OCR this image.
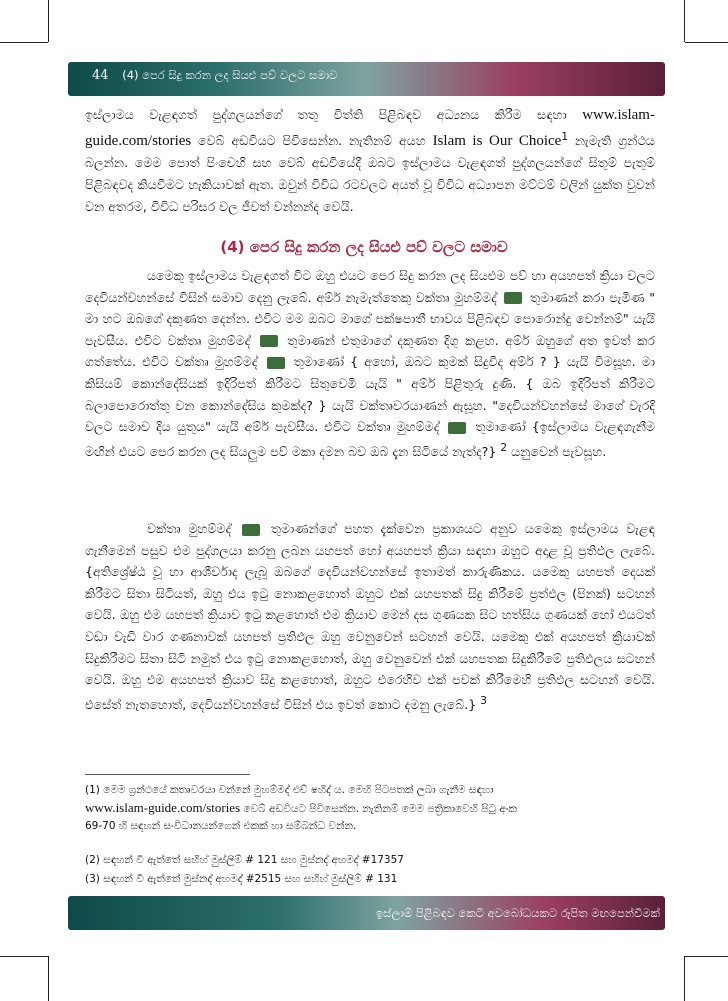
44 (4) පෙර සිදු කරන ලද සියළු පව් වලට සමාව
ඉස්ලාමය වැළඳගත් පුද්ගලයන්ගේ තතු විත්ති පිළිබඳව අධ්‍යනය කිරීම සඳහා www.islam-guide.com/stories වෙබ් අඩවියට පිවිසෙන්න. නැතිනම් අයහ Islam is Our Choice$^1$ නැමැති ග්‍රන්ථය බලන්න. මෙම පොත් පිංචෙහි සහ වෙබ් අඩවියේදී ඔබට ඉස්ලාමය වැළඳගත් පුද්ගලයන්ගේ සිතුම් පැතුම් පිළිබඳවද කියවීමට හැකියාවක් ඇත. ඔවුන් විවිධ රටවලට අයත් වූ විවිධ අධ්‍යාපන මට්ටම් වලින් යුක්ත වුවන් වන අතරම, විවිධ පරිසර වල ජීවත් වන්නන්ද වෙයි.
(4) පෙර සිදු කරන ලද සියළු පව් වලට සමාව
යමෙකු ඉස්ලාමය වැළඳගත් විට ඔහු එයට පෙර සිදු කරන ලද සියළුම පව් හා අයහපත් ක්‍රියා වලට දෙවියන්වහන්සේ විසින් සමාව දෙනු ලැබේ. අම්ර් නැමැත්තෙකු වක්තෘ මුහම්මද්	තුමාණන් කරා පැමිණ " මා හට ඔබගේ දකුණත දෙන්න. එවිට මම ඔබට මාගේ පක්ෂපාතී භාවය පිළිබඳව පොරොන්දු වෙන්නම්" යැයි පැවසීය. එවිට වක්තෘ මුහම්මද්	තුමාණන් එතුමාගේ දකුණත දිගු කළහ. අම්ර් ඔහුගේ අත ඉවත් කර ගත්තේය. එවිට වක්තෘ මුහම්මද්	තුමාණෝ { අහෝ, ඔබට කුමක් සිදුවීද අම්ර් ? } යැයි විමසූහ. මා කිසියම් කොන්දේසියක් ඉදිරිපත් කිරීමට සිතුවෙමි යැයි " අම්ර් පිළිතුරු දුණි. { ඔබ ඉදිරිපත් කිරීමට බලාපොරොත්තු වන කොන්දේසිය කුමක්ද? } යැයි වක්තෘවරයාණන් ඇසූහ. "දෙවියන්වහන්සේ මාගේ වැරදි වලට සමාව දිය යුතුය" යැයි අම්ර් පැවසීය. එවිට වක්තෘ මුහම්මද්	තුමාණෝ {ඉස්ලාමය වැළඳගැනීම මඟින් එයට පෙර කරන ලද සියලුම පව් මකා දමන බව ඔබ දැන සිටියේ නැත්ද?} $^2$ යනුවෙන් පැවසූහ.
වක්තෘ මුහම්මද්	තුමාණන්ගේ පහත දැක්වෙන ප්‍රකාශයට අනුව යමෙකු ඉස්ලාමය වැළඳ ගැනීමෙන් පසුව එම පුද්ගලයා කරනු ලබන යහපත් හෝ අයහපත් ක්‍රියා සඳහා ඔහුට අදාළ වූ ප්‍රතිඵල ලැබේ. {අතිශ්‍රේෂ්ඨ වූ හා ආශීර්වාද ලැබූ ඔබගේ දෙවියන්වහන්සේ ඉතාමත් කාරුණිකය. යමෙකු යහපත් දෙයක් කිරීමට සිතා සිටියත්, ඔහු එය ඉටු නොකළහොත් ඔහුට එක් යහපතක් සිදු කිරීමේ ප්‍රත්ඵල (පිනක්) සටහන් වෙයි. ඔහු එම යහපත් ක්‍රියාව ඉටු කළහොත් එම ක්‍රියාව මෙන් දස ගුණයක සිට හත්සිය ගුණයක් හෝ එයටත් වඩා වැඩි වාර ගණනාවක් යහපත් ප්‍රතිඵල ඔහු වෙනුවෙන් සටහන් වෙයි. යමෙකු එක් අයහපත් ක්‍රියාවක් සිදුකිරීමට සිතා සිටී නමුත් එය ඉටු නොකළහොත්, ඔහු වෙනුවෙන් එක් යහපතක සිදුකිරීමේ ප්‍රතිඵලය සටහන් වෙයි. ඔහු එම අයහපත් ක්‍රියාව සිදු කළහොත්, ඔහුට එරෙහිව එක් පවක් කිරීමෙහි ප්‍රතිඵල සටහන් වෙයි. එසේත් නැතහොත්, දෙවියන්වහන්සේ විසින් එය ඉවත් කොට දමනු ලැබේ.} $^3$
(1) මෙම ග්‍රන්ථයේ කතෘවරයා වන්නේ මුහම්මද් එච් ෂහිද් ය. මෙහි පිටපතක් ලබා ගැනීම සඳහා
www.islam-guide.com/stories වෙබ් අඩවියට පිවිසෙන්න. නැතිනම් මෙම පත්‍රිකාවෙහි පිටු අංක
69-70 හි සඳහන් සංවිධානයන්ගෙන් එකක් හා සම්බන්ධ වන්න.
(2) සඳහන් වී ඇත්තේ සහිහ් මුස්ලිම් # 121 සහ මුස්නද් අහමද් #17357
(3) සඳහන් වී ඇත්තේ මුස්නද් අහමද් #2515 සහ සහිහ් මුස්ලිම් # 131
ඉස්ලාම් පිළිබඳව කෙටි අවබෝධයකට රූපිත මඟපෙන්වීමක්
